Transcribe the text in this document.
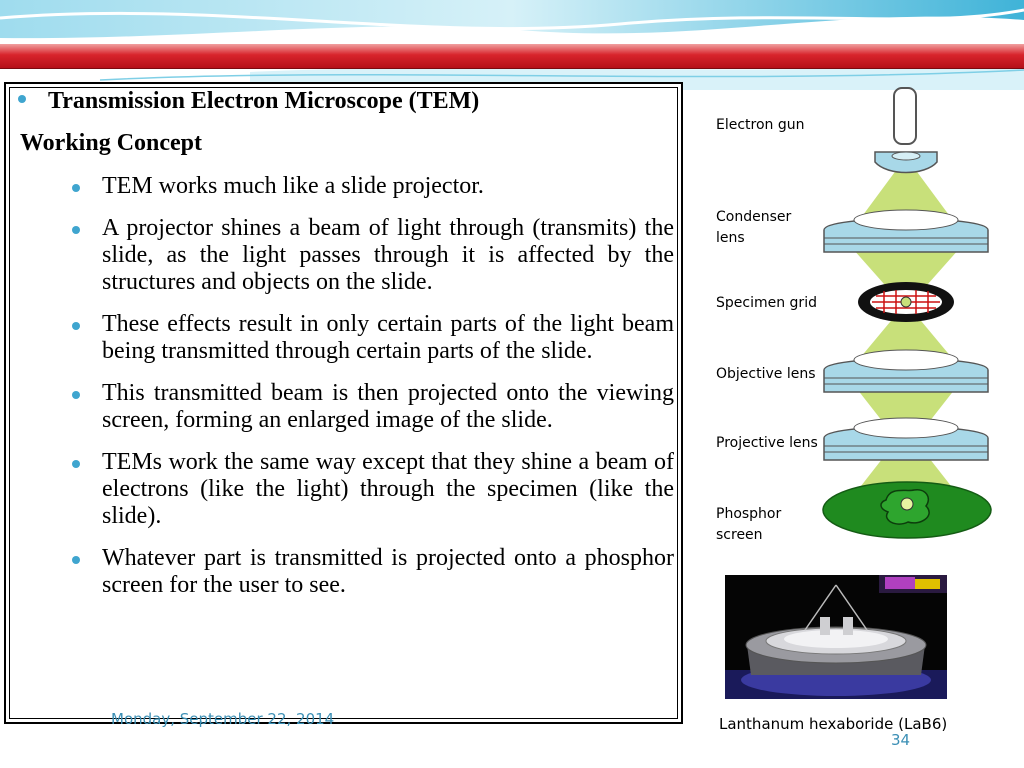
Transmission Electron Microscope (TEM)
Working Concept
TEM works much like a slide projector.
A projector shines a beam of light through (transmits) the slide, as the light passes through it is affected by the structures and objects on the slide.
These effects result in only certain parts of the light beam being transmitted through certain parts of the slide.
This transmitted beam is then projected onto the viewing screen, forming an enlarged image of the slide.
TEMs work the same way except that they shine a beam of electrons (like the light) through the specimen (like the slide).
Whatever part is transmitted is projected onto a phosphor screen for the user to see.
Monday, September 22, 2014
34
Electron gun
Condenser
lens
Specimen grid
Objective lens
Projective lens
Phosphor
screen
Lanthanum hexaboride (LaB6)
